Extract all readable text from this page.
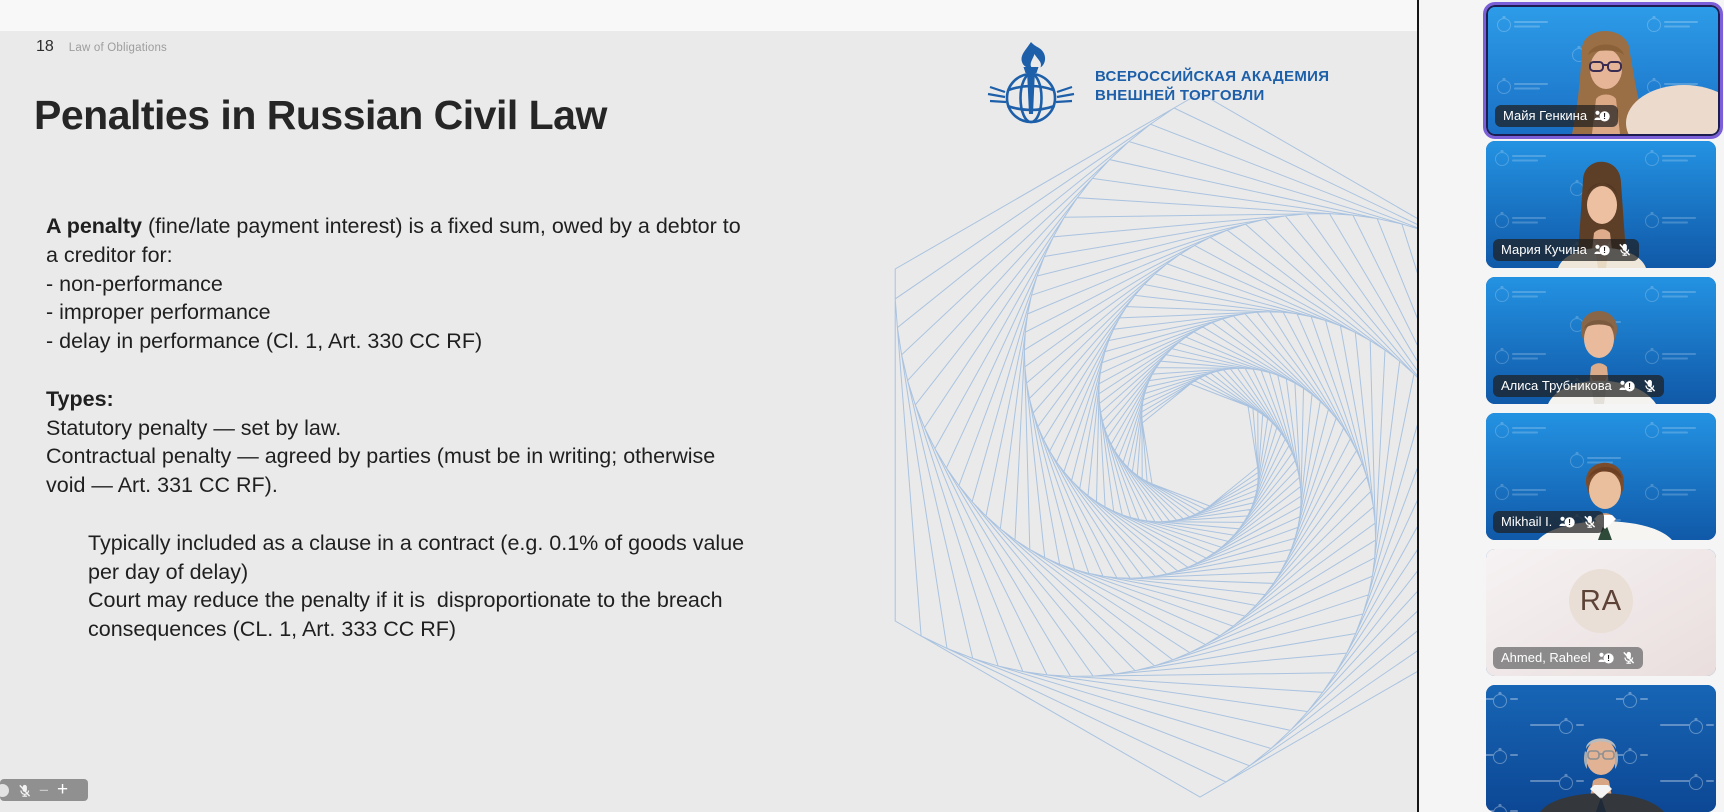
18 Law of Obligations
Penalties in Russian Civil Law
ВСЕРОССИЙСКАЯ АКАДЕМИЯ
ВНЕШНЕЙ ТОРГОВЛИ
A penalty (fine/late payment interest) is a fixed sum, owed by a debtor to
a creditor for:
- non-performance
- improper performance
- delay in performance (Cl. 1, Art. 330 CC RF)
Types:
Statutory penalty — set by law.
Contractual penalty — agreed by parties (must be in writing; otherwise
void — Art. 331 CC RF).
Typically included as a clause in a contract (e.g. 0.1% of goods value
per day of delay)
Court may reduce the penalty if it is  disproportionate to the breach
consequences (CL. 1, Art. 333 CC RF)
− +
Майя Генкина !
Мария Кучина !
Алиса Трубникова !
Mikhail I. !
RA
Ahmed, Raheel !
